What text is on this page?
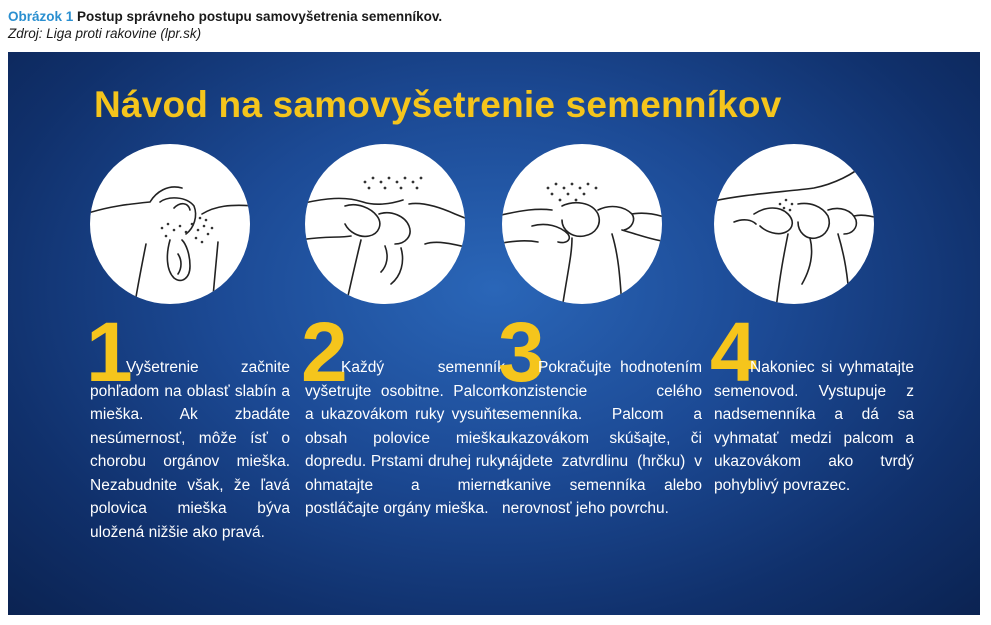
Obrázok 1 Postup správneho postupu samovyšetrenia semenníkov.
Zdroj: Liga proti rakovine (lpr.sk)
Návod na samovyšetrenie semenníkov
1

Vyšetrenie začnite pohľadom na oblasť slabín a mieška. Ak zbadáte nesúmernosť, môže ísť o chorobu orgánov mieška. Nezabudnite však, že ľavá polovica mieška býva uložená nižšie ako pravá.

2

Každý semenník vyšetrujte osobitne. Palcom a ukazovákom ruky vysuňte obsah polovice mieška dopredu. Prstami druhej ruky ohmatajte a mierne postláčajte orgány mieška.

3

Pokračujte hodnotením konzistencie celého semenníka. Palcom a ukazovákom skúšajte, či nájdete zatvrdlinu (hrčku) v tkanive semenníka alebo nerovnosť jeho povrchu.

4

Nakoniec si vyhmatajte semenovod. Vystupuje z nadsemenníka a dá sa vyhmatať medzi palcom a ukazovákom ako tvrdý pohyblivý povrazec.
